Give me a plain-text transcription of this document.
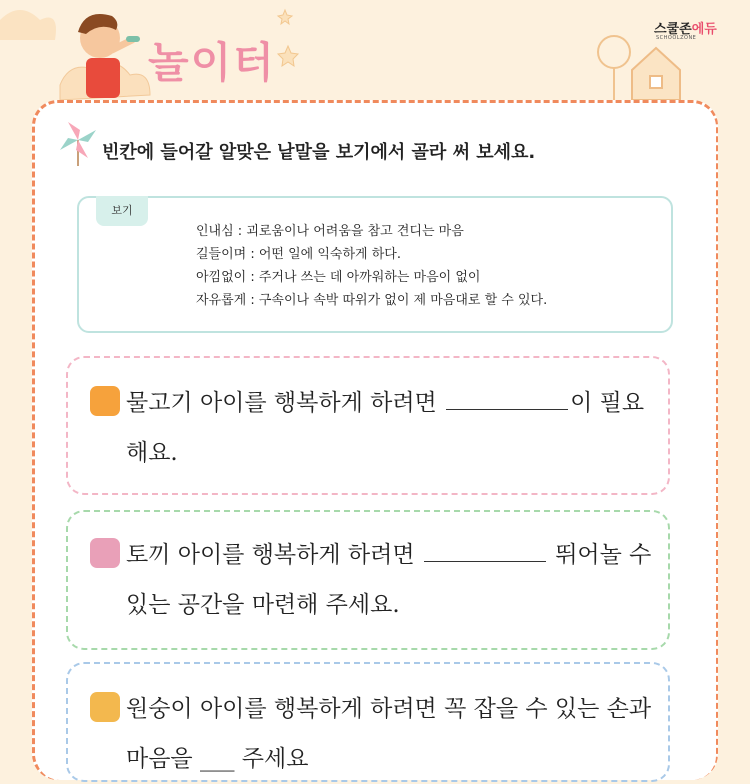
놀이터
스쿨존에듀
SCHOOLZONE
빈칸에 들어갈 알맞은 낱말을 보기에서 골라 써 보세요.
보기
인내심 : 괴로움이나 어려움을 참고 견디는 마음
길들이며 : 어떤 일에 익숙하게 하다.
아낌없이 : 주거나 쓰는 데 아까워하는 마음이 없이
자유롭게 : 구속이나 속박 따위가 없이 제 마음대로 할 수 있다.
물고기 아이를 행복하게 하려면	이 필요
해요.
토끼 아이를 행복하게 하려면	뛰어놀 수
있는 공간을 마련해 주세요.
원숭이 아이를 행복하게 하려면 꼭 잡을 수 있는 손과
마음을 ___ 주세요
